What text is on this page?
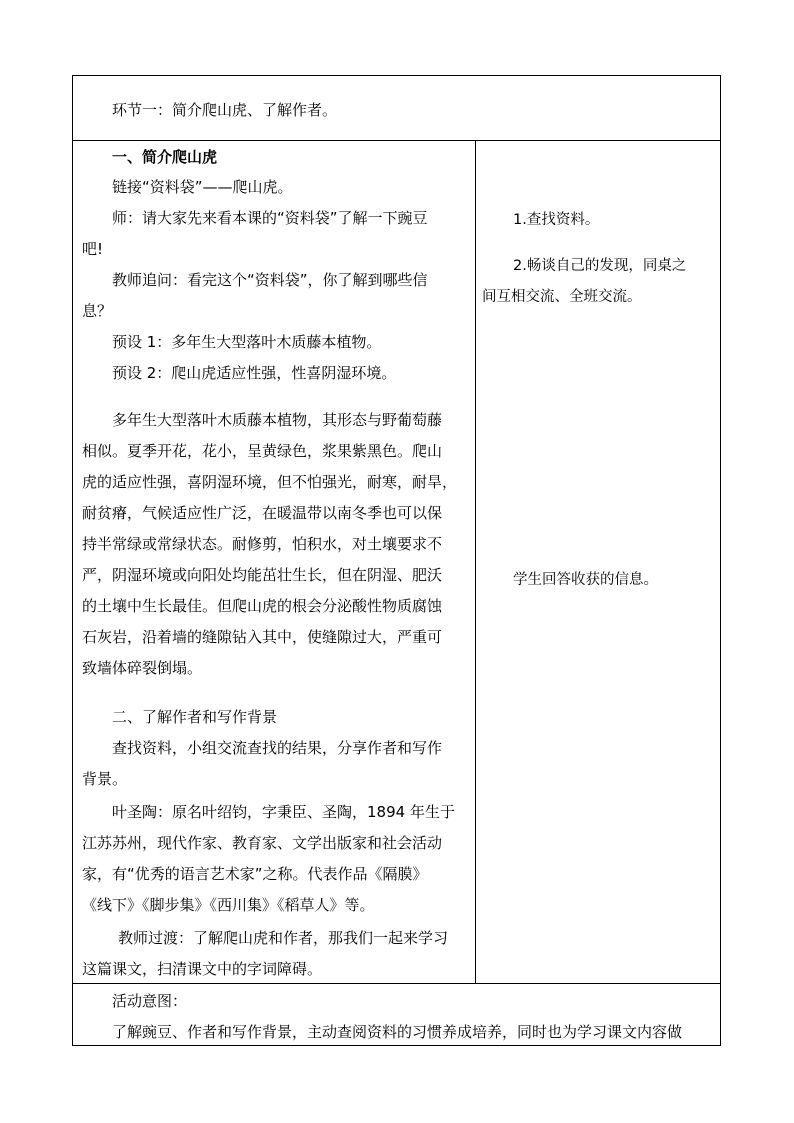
环节一：简介爬山虎、了解作者。

一、简介爬山虎

链接“资料袋”——爬山虎。

师：请大家先来看本课的“资料袋”了解一下豌豆

吧!

教师追问：看完这个“资料袋”，你了解到哪些信

息？

预设 1：多年生大型落叶木质藤本植物。

预设 2：爬山虎适应性强，性喜阴湿环境。

多年生大型落叶木质藤本植物，其形态与野葡萄藤

相似。夏季开花，花小，呈黄绿色，浆果紫黑色。爬山

虎的适应性强，喜阴湿环境，但不怕强光，耐寒，耐旱，

耐贫瘠，气候适应性广泛，在暖温带以南冬季也可以保

持半常绿或常绿状态。耐修剪，怕积水，对土壤要求不

严，阴湿环境或向阳处均能茁壮生长，但在阴湿、肥沃

的土壤中生长最佳。但爬山虎的根会分泌酸性物质腐蚀

石灰岩，沿着墙的缝隙钻入其中，使缝隙过大，严重可

致墙体碎裂倒塌。

二、了解作者和写作背景

查找资料，小组交流查找的结果，分享作者和写作

背景。

叶圣陶：原名叶绍钧，字秉臣、圣陶，1894 年生于

江苏苏州，现代作家、教育家、文学出版家和社会活动

家，有“优秀的语言艺术家”之称。代表作品《隔膜》

《线下》《脚步集》《西川集》《稻草人》等。

教师过渡：了解爬山虎和作者，那我们一起来学习

这篇课文，扫清课文中的字词障碍。

1.查找资料。

2.畅谈自己的发现，同桌之

间互相交流、全班交流。

学生回答收获的信息。

活动意图：

了解豌豆、作者和写作背景，主动查阅资料的习惯养成培养，同时也为学习课文内容做
